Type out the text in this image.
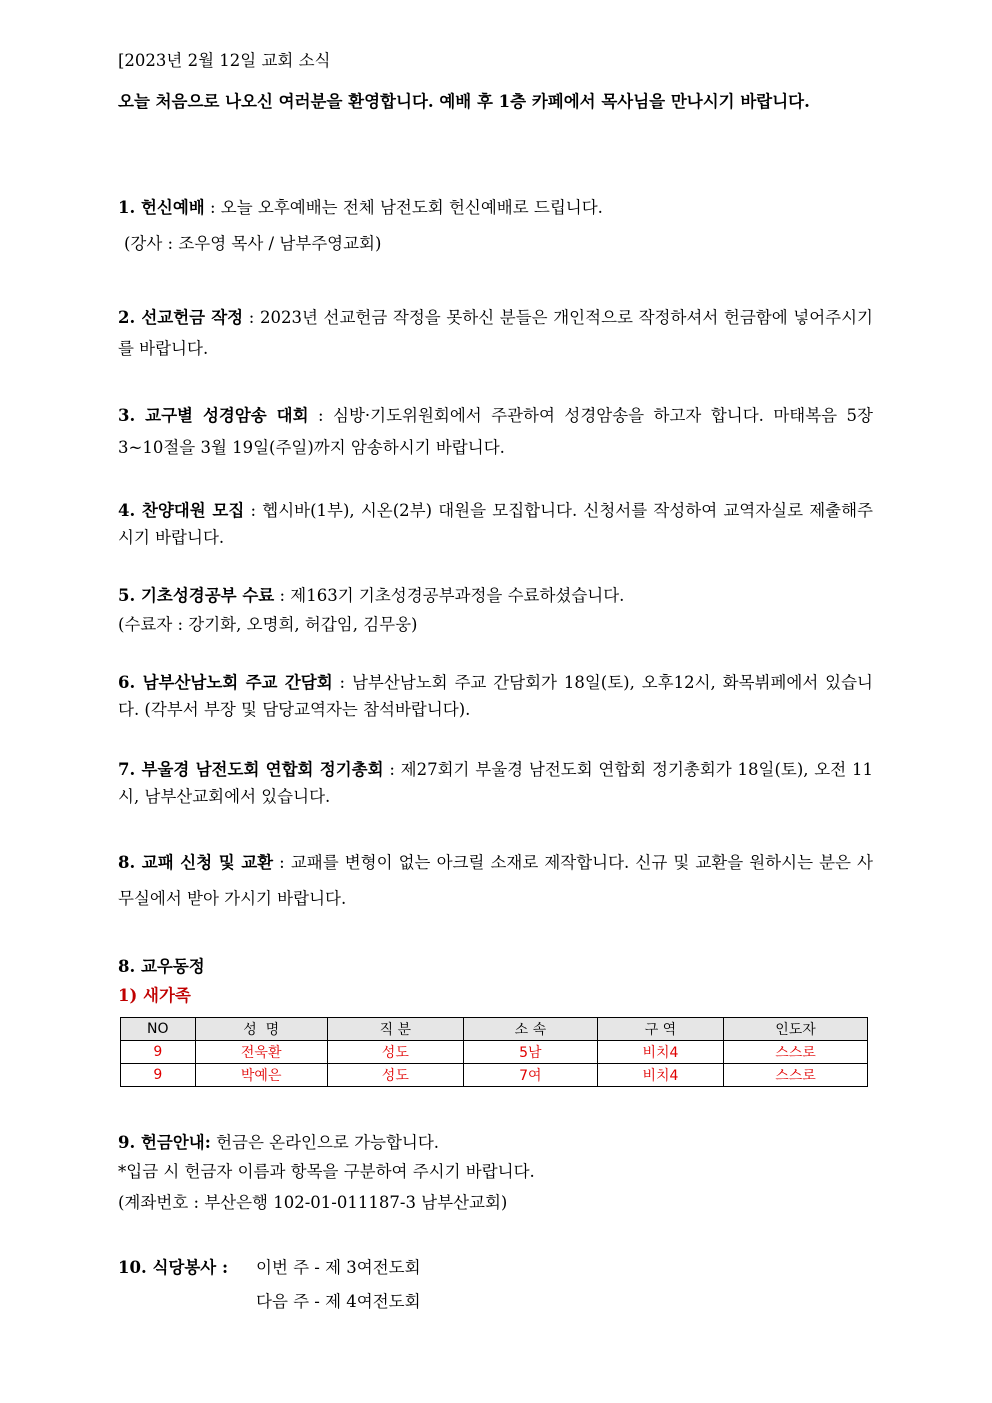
[2023년 2월 12일 교회 소식
오늘 처음으로 나오신 여러분을 환영합니다. 예배 후 1층 카페에서 목사님을 만나시기 바랍니다.
1. 헌신예배 : 오늘 오후예배는 전체 남전도회 헌신예배로 드립니다.
(강사 : 조우영 목사 / 남부주영교회)
2. 선교헌금 작정 : 2023년 선교헌금 작정을 못하신 분들은 개인적으로 작정하셔서 헌금함에 넣어주시기를 바랍니다.
3. 교구별 성경암송 대회 : 심방·기도위원회에서 주관하여 성경암송을 하고자 합니다. 마태복음 5장 3~10절을 3월 19일(주일)까지 암송하시기 바랍니다.
4. 찬양대원 모집 : 헵시바(1부), 시온(2부) 대원을 모집합니다. 신청서를 작성하여 교역자실로 제출해주시기 바랍니다.
5. 기초성경공부 수료 : 제163기 기초성경공부과정을 수료하셨습니다.
(수료자 : 강기화, 오명희, 허갑임, 김무웅)
6. 남부산남노회 주교 간담회 : 남부산남노회 주교 간담회가 18일(토), 오후12시, 화목뷔페에서 있습니다. (각부서 부장 및 담당교역자는 참석바랍니다).
7. 부울경 남전도회 연합회 정기총회 : 제27회기 부울경 남전도회 연합회 정기총회가 18일(토), 오전 11시, 남부산교회에서 있습니다.
8. 교패 신청 및 교환 : 교패를 변형이 없는 아크릴 소재로 제작합니다. 신규 및 교환을 원하시는 분은 사무실에서 받아 가시기 바랍니다.
8. 교우동정
1) 새가족
NO	성  명	직 분	소 속	구 역	인도자
9	전욱환	성도	5남	비치4	스스로
9	박예은	성도	7여	비치4	스스로
9. 헌금안내: 헌금은 온라인으로 가능합니다.
*입금 시 헌금자 이름과 항목을 구분하여 주시기 바랍니다.
(계좌번호 : 부산은행 102-01-011187-3 남부산교회)
10. 식당봉사 :	이번 주 - 제 3여전도회
다음 주 - 제 4여전도회
